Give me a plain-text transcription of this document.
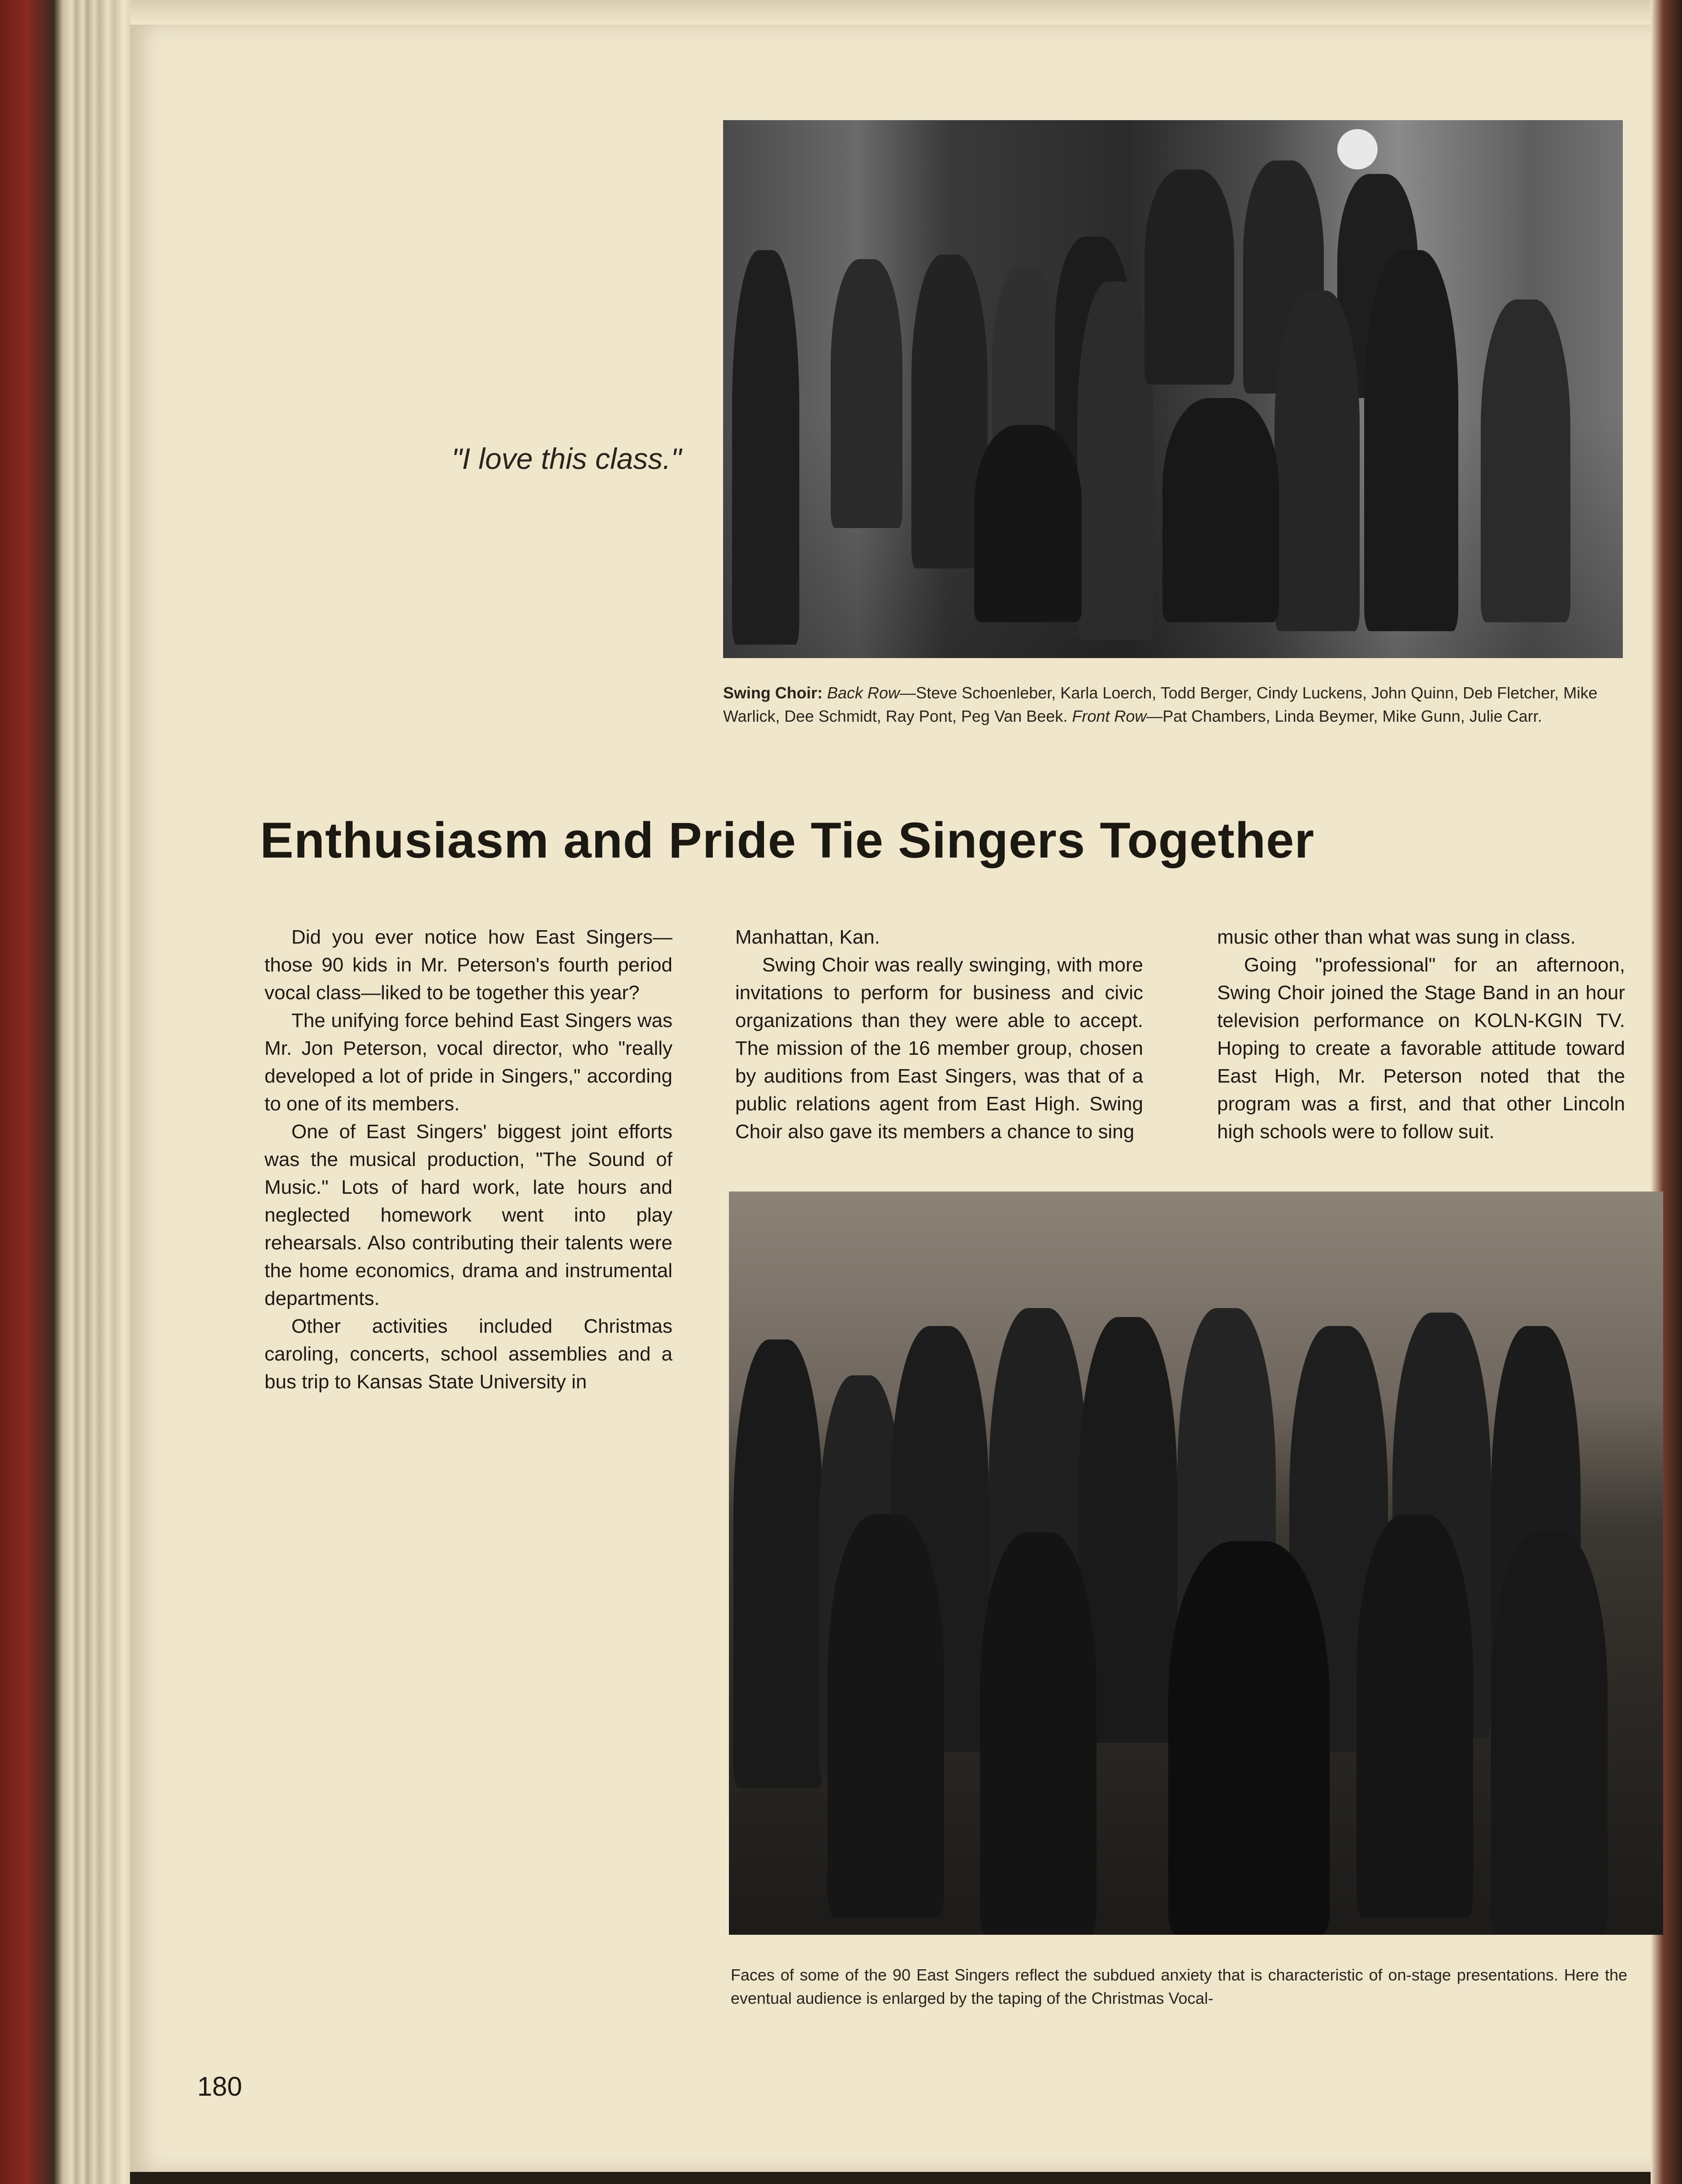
"I love this class."
Swing Choir: Back Row—Steve Schoenleber, Karla Loerch, Todd Berger, Cindy Luckens, John Quinn, Deb Fletcher, Mike Warlick, Dee Schmidt, Ray Pont, Peg Van Beek. Front Row—Pat Chambers, Linda Beymer, Mike Gunn, Julie Carr.
Enthusiasm and Pride Tie Singers Together

Did you ever notice how East Singers—those 90 kids in Mr. Peterson's fourth period vocal class—liked to be together this year?

The unifying force behind East Singers was Mr. Jon Peterson, vocal director, who "really developed a lot of pride in Singers," according to one of its members.

One of East Singers' biggest joint efforts was the musical production, "The Sound of Music." Lots of hard work, late hours and neglected homework went into play rehearsals. Also contributing their talents were the home economics, drama and instrumental departments.

Other activities included Christmas caroling, concerts, school assemblies and a bus trip to Kansas State University in

Manhattan, Kan.

Swing Choir was really swinging, with more invitations to perform for business and civic organizations than they were able to accept. The mission of the 16 member group, chosen by auditions from East Singers, was that of a public relations agent from East High. Swing Choir also gave its members a chance to sing

music other than what was sung in class.

Going "professional" for an afternoon, Swing Choir joined the Stage Band in an hour television performance on KOLN-KGIN TV. Hoping to create a favorable attitude toward East High, Mr. Peterson noted that the program was a first, and that other Lincoln high schools were to follow suit.

Faces of some of the 90 East Singers reflect the subdued anxiety that is characteristic of on-stage presentations. Here the eventual audience is enlarged by the taping of the Christmas Vocal-
180
